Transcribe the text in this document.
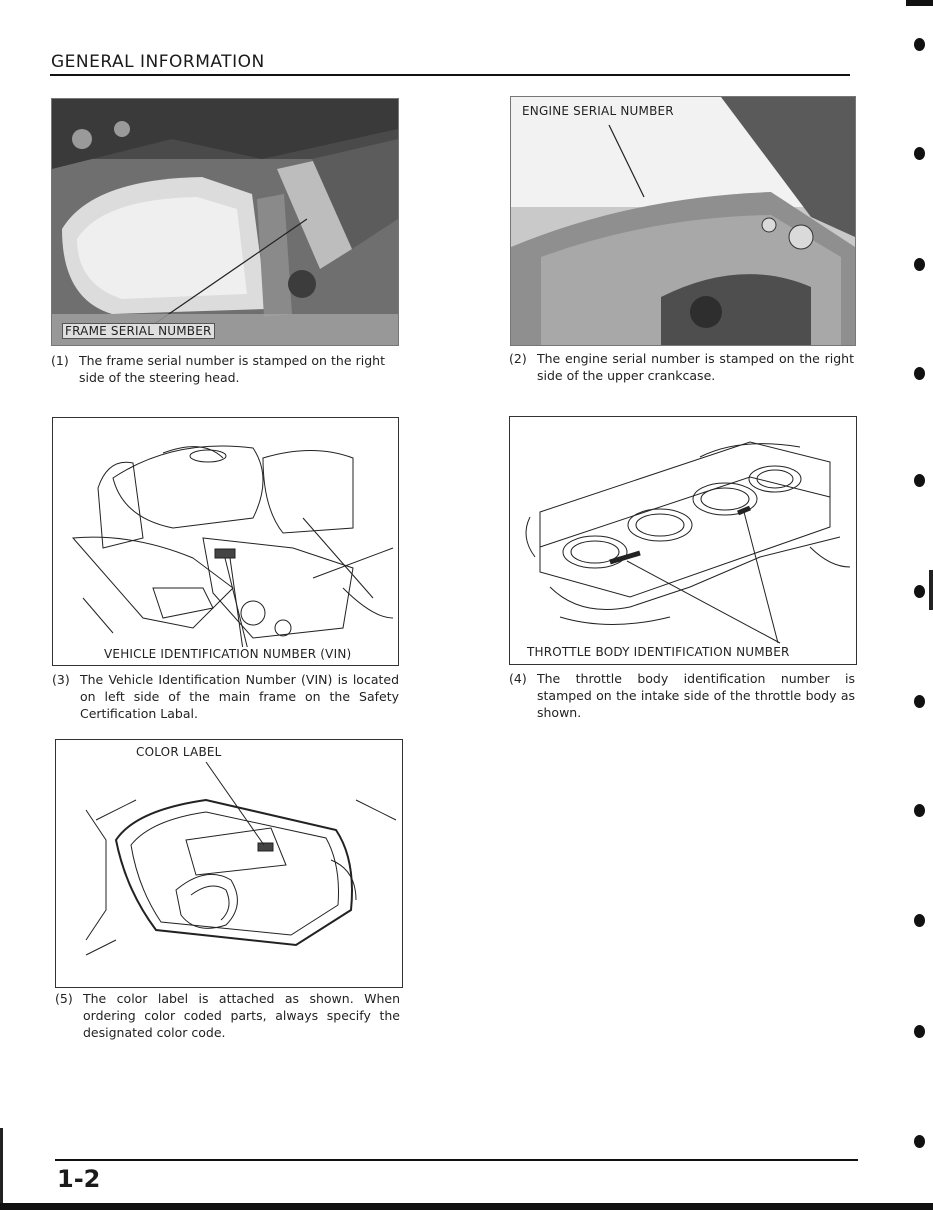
GENERAL INFORMATION
FRAME SERIAL NUMBER
(1) The frame serial number is stamped on the right side of the steering head.
ENGINE SERIAL NUMBER
(2) The engine serial number is stamped on the right side of the upper crankcase.
VEHICLE IDENTIFICATION NUMBER (VIN)
(3) The Vehicle Identification Number (VIN) is located on left side of the main frame on the Safety Certification Labal.
THROTTLE BODY IDENTIFICATION NUMBER
(4) The throttle body identification number is stamped on the intake side of the throttle body as shown.
COLOR LABEL
(5) The color label is attached as shown. When ordering color coded parts, always specify the designated color code.
1-2
